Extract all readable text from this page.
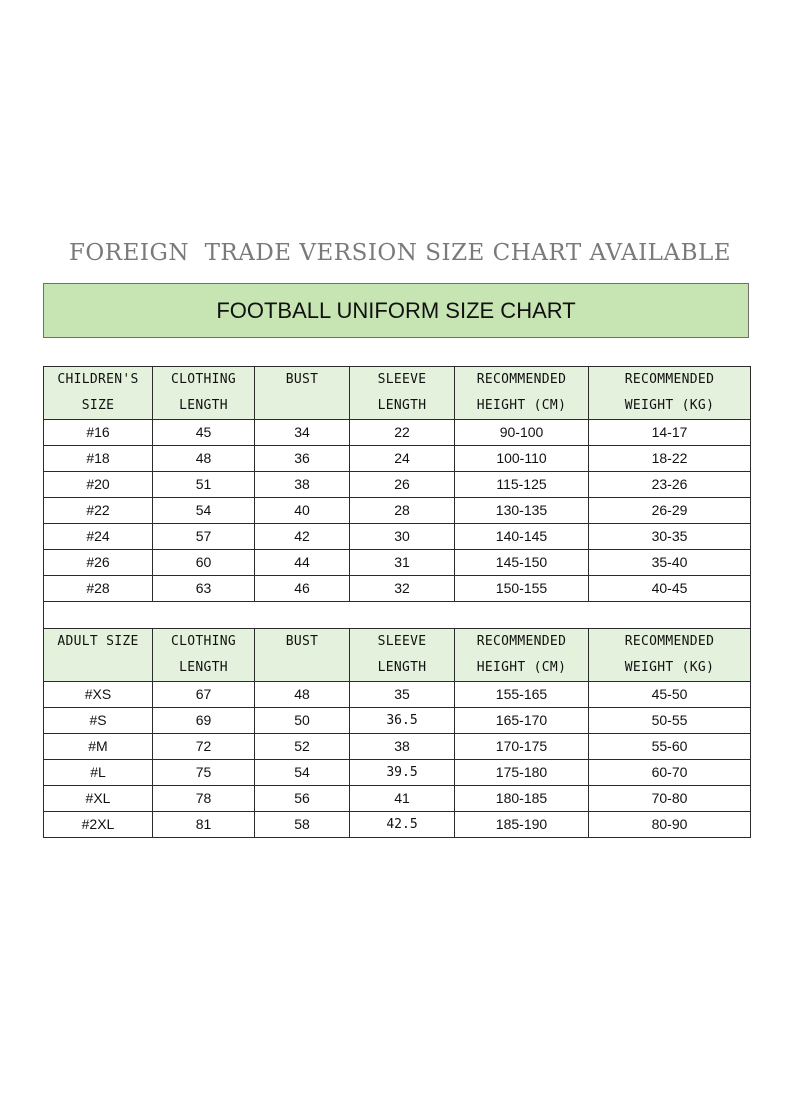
FOREIGN  TRADE VERSION SIZE CHART AVAILABLE
FOOTBALL UNIFORM SIZE CHART
CHILDREN'S	CLOTHING	BUST	SLEEVE	RECOMMENDED	RECOMMENDED
SIZE	LENGTH		LENGTH	HEIGHT (CM)	WEIGHT (KG)
#16	45	34	22	90-100	14-17
#18	48	36	24	100-110	18-22
#20	51	38	26	115-125	23-26
#22	54	40	28	130-135	26-29
#24	57	42	30	140-145	30-35
#26	60	44	31	145-150	35-40
#28	63	46	32	150-155	40-45

ADULT SIZE	CLOTHING	BUST	SLEEVE	RECOMMENDED	RECOMMENDED
	LENGTH		LENGTH	HEIGHT (CM)	WEIGHT (KG)
#XS	67	48	35	155-165	45-50
#S	69	50	36.5	165-170	50-55
#M	72	52	38	170-175	55-60
#L	75	54	39.5	175-180	60-70
#XL	78	56	41	180-185	70-80
#2XL	81	58	42.5	185-190	80-90
